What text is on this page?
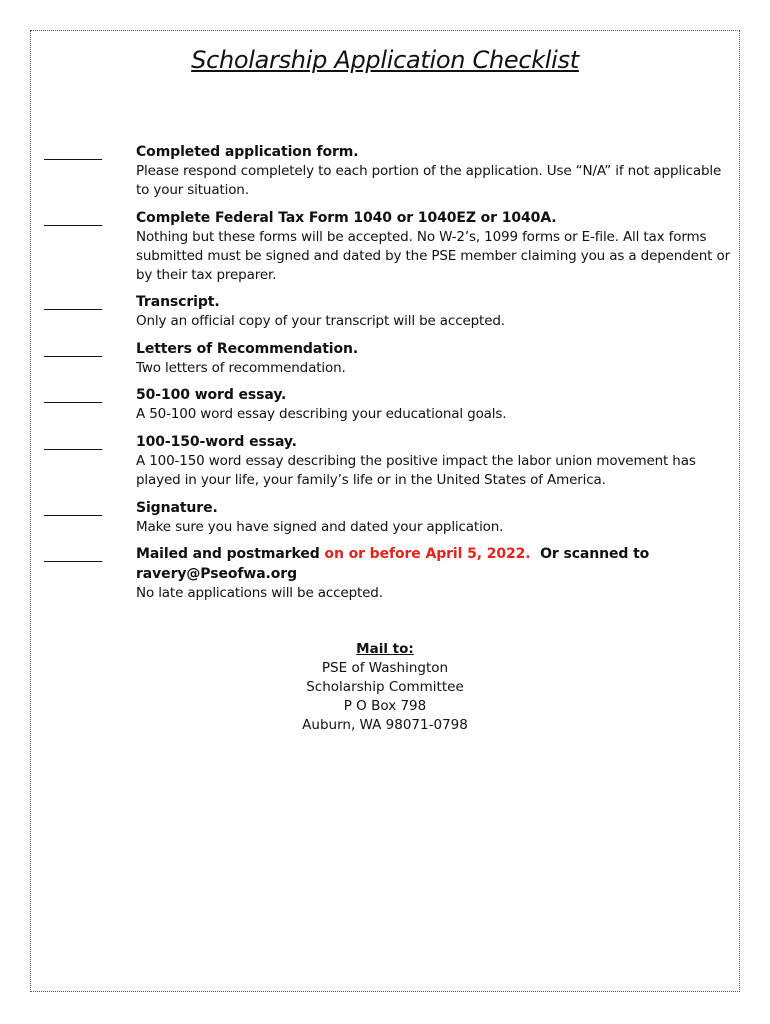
Scholarship Application Checklist
Completed application form.
Please respond completely to each portion of the application. Use “N/A” if not applicable to your situation.
Complete Federal Tax Form 1040 or 1040EZ or 1040A.
Nothing but these forms will be accepted. No W-2’s, 1099 forms or E-file. All tax forms submitted must be signed and dated by the PSE member claiming you as a dependent or by their tax preparer.
Transcript.
Only an official copy of your transcript will be accepted.
Letters of Recommendation.
Two letters of recommendation.
50-100 word essay.
A 50-100 word essay describing your educational goals.
100-150-word essay.
A 100-150 word essay describing the positive impact the labor union movement has played in your life, your family’s life or in the United States of America.
Signature.
Make sure you have signed and dated your application.
Mailed and postmarked on or before April 5, 2022. Or scanned to
ravery@Pseofwa.org
No late applications will be accepted.
Mail to:
PSE of Washington
Scholarship Committee
P O Box 798
Auburn, WA 98071-0798
